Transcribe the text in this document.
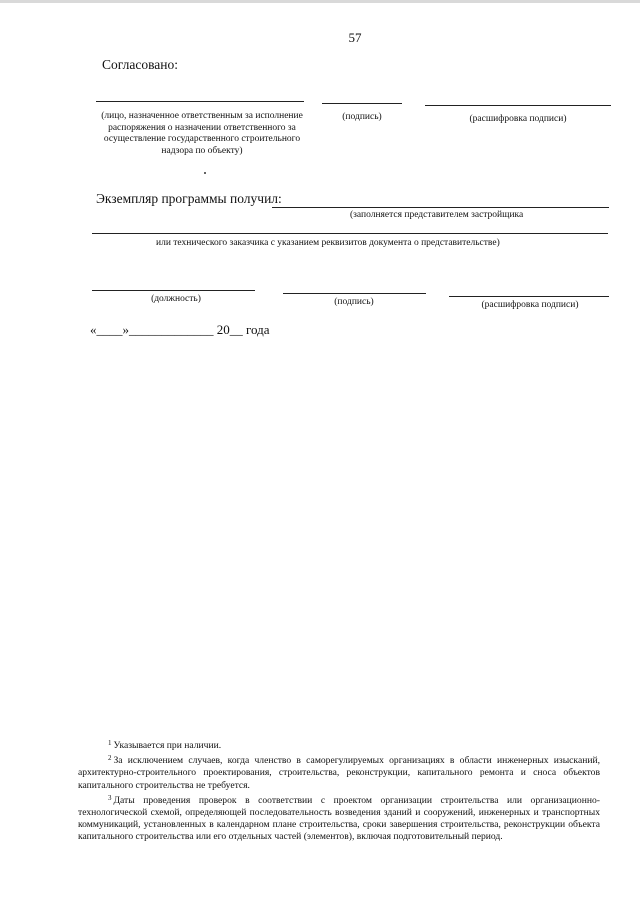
57
Согласовано:
(лицо, назначенное ответственным за исполнение распоряжения о назначении ответственного за осуществление государственного строительного надзора по объекту)
(подпись)	(расшифровка подписи)
Экземпляр программы получил:
(заполняется представителем застройщика
или технического заказчика с указанием реквизитов документа о представительстве)
(должность)	(подпись)	(расшифровка подписи)
«____»_____________ 20__ года

$^1$ Указывается при наличии.

$^2$ За исключением случаев, когда членство в саморегулируемых организациях в области инженерных изысканий, архитектурно-строительного проектирования, строительства, реконструкции, капитального ремонта и сноса объектов капитального строительства не требуется.

$^3$ Даты проведения проверок в соответствии с проектом организации строительства или организационно-технологической схемой, определяющей последовательность возведения зданий и сооружений, инженерных и транспортных коммуникаций, установленных в календарном плане строительства, сроки завершения строительства, реконструкции объекта капитального строительства или его отдельных частей (элементов), включая подготовительный период.
